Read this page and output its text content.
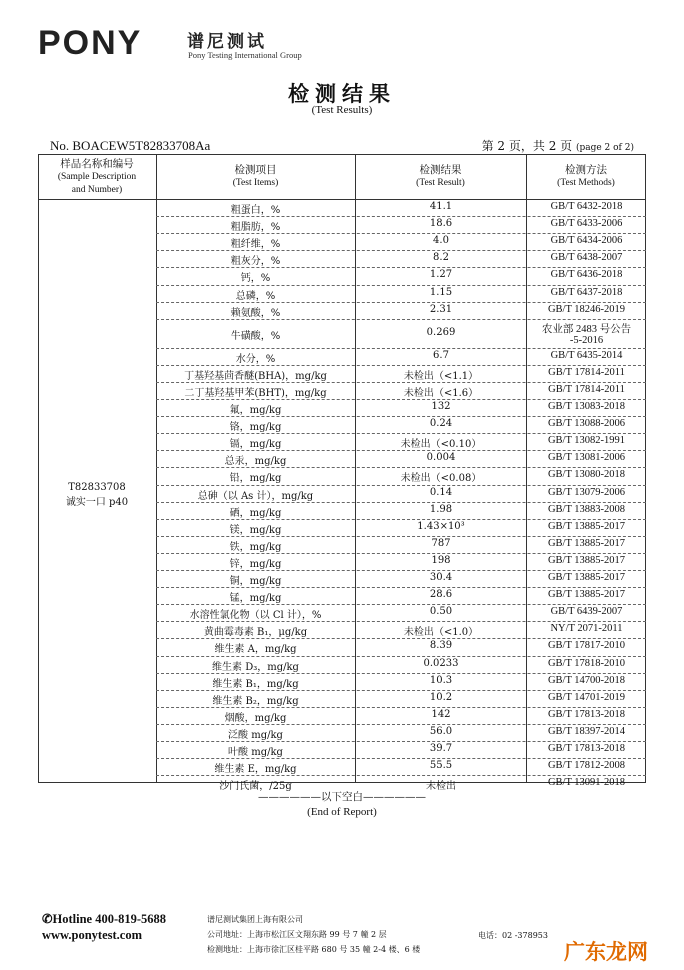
PONY	谱尼测试
Pony Testing International Group
检测结果
(Test Results)
No. BOACEW5T82833708Aa	第 2 页，共 2 页 (page 2 of 2)
样品名称和编号
(Sample Description
and Number)
检测项目
(Test Items)
检测结果
(Test Result)
检测方法
(Test Methods)
T82833708
诚实一口 p40
粗蛋白，%	41.1	GB/T 6432-2018
粗脂肪，%	18.6	GB/T 6433-2006
粗纤维，%	4.0	GB/T 6434-2006
粗灰分，%	8.2	GB/T 6438-2007
钙，%	1.27	GB/T 6436-2018
总磷，%	1.15	GB/T 6437-2018
赖氨酸，%	2.31	GB/T 18246-2019
牛磺酸，%	0.269	农业部 2483 号公告
-5-2016
水分，%	6.7	GB/T 6435-2014
丁基羟基茴香醚(BHA)，mg/kg	未检出（<1.1）	GB/T 17814-2011
二丁基羟基甲苯(BHT)，mg/kg	未检出（<1.6）	GB/T 17814-2011
氟，mg/kg	132	GB/T 13083-2018
铬，mg/kg	0.24	GB/T 13088-2006
镉，mg/kg	未检出（<0.10）	GB/T 13082-1991
总汞，mg/kg	0.004	GB/T 13081-2006
铅，mg/kg	未检出（<0.08）	GB/T 13080-2018
总砷（以 As 计），mg/kg	0.14	GB/T 13079-2006
硒，mg/kg	1.98	GB/T 13883-2008
镁，mg/kg	1.43×10³	GB/T 13885-2017
铁，mg/kg	787	GB/T 13885-2017
锌，mg/kg	198	GB/T 13885-2017
铜，mg/kg	30.4	GB/T 13885-2017
锰，mg/kg	28.6	GB/T 13885-2017
水溶性氯化物（以 Cl 计），%	0.50	GB/T 6439-2007
黄曲霉毒素 B₁，μg/kg	未检出（<1.0）	NY/T 2071-2011
维生素 A，mg/kg	8.39	GB/T 17817-2010
维生素 D₃，mg/kg	0.0233	GB/T 17818-2010
维生素 B₁，mg/kg	10.3	GB/T 14700-2018
维生素 B₂，mg/kg	10.2	GB/T 14701-2019
烟酸，mg/kg	142	GB/T 17813-2018
泛酸 mg/kg	56.0	GB/T 18397-2014
叶酸 mg/kg	39.7	GB/T 17813-2018
维生素 E，mg/kg	55.5	GB/T 17812-2008
沙门氏菌，/25g	未检出	GB/T 13091-2018
——————以下空白——————
(End of Report)
✆Hotline 400-819-5688
www.ponytest.com
谱尼测试集团上海有限公司
公司地址：上海市松江区文翔东路 99 号 7 幢 2 层
检测地址：上海市徐汇区桂平路 680 号 35 幢 2-4 楼、6 楼
电话：02 -378953
广东龙网
